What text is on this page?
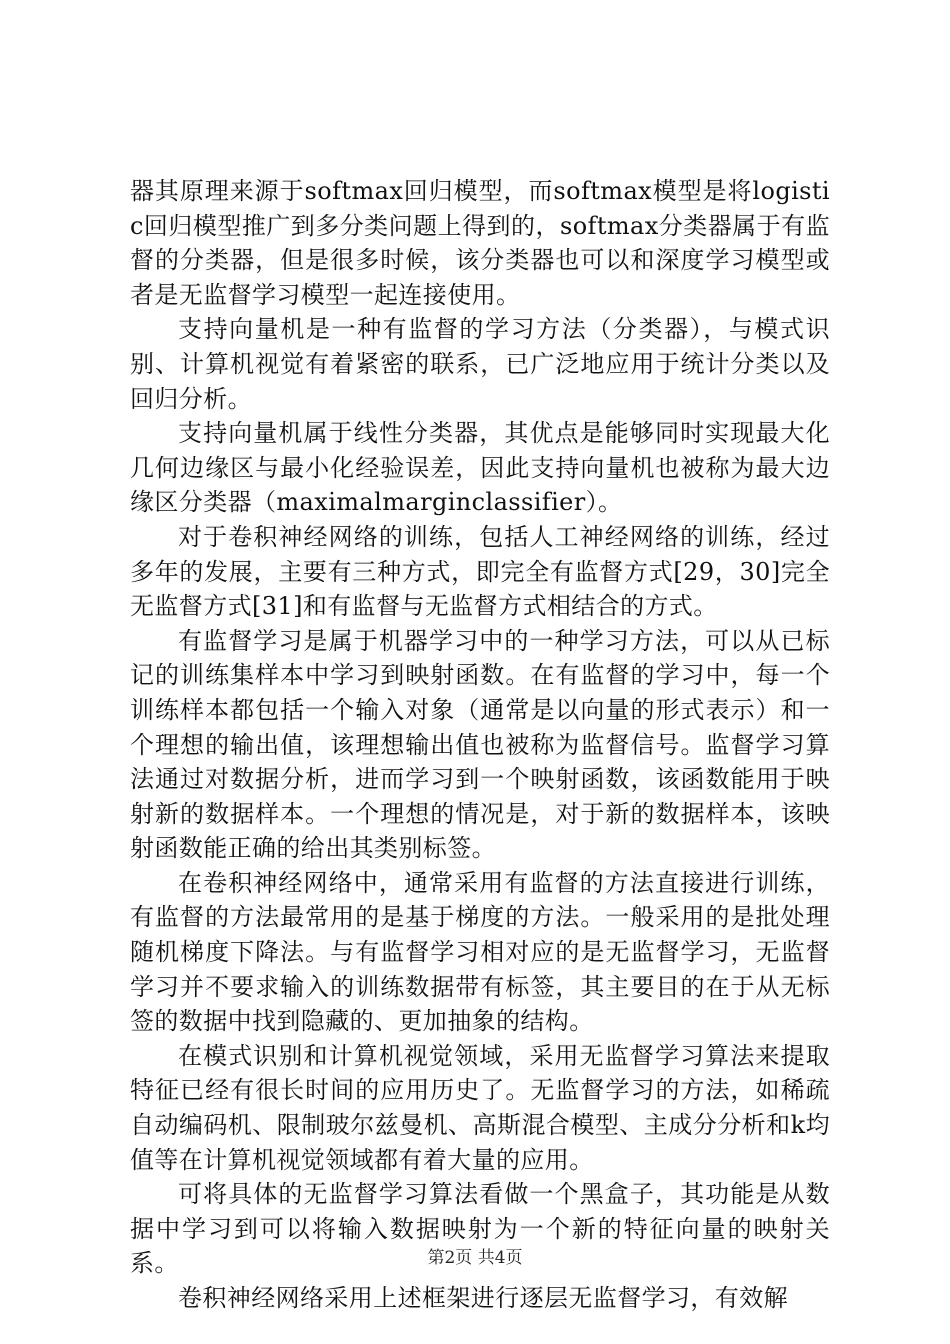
器其原理来源于softmax回归模型，而softmax模型是将logistic回归模型推广到多分类问题上得到的，softmax分类器属于有监督的分类器，但是很多时候，该分类器也可以和深度学习模型或者是无监督学习模型一起连接使用。

支持向量机是一种有监督的学习方法（分类器），与模式识别、计算机视觉有着紧密的联系，已广泛地应用于统计分类以及回归分析。

支持向量机属于线性分类器，其优点是能够同时实现最大化几何边缘区与最小化经验误差，因此支持向量机也被称为最大边缘区分类器（maximalmarginclassifier）。

对于卷积神经网络的训练，包括人工神经网络的训练，经过多年的发展，主要有三种方式，即完全有监督方式[29，30]完全无监督方式[31]和有监督与无监督方式相结合的方式。

有监督学习是属于机器学习中的一种学习方法，可以从已标记的训练集样本中学习到映射函数。在有监督的学习中，每一个训练样本都包括一个输入对象（通常是以向量的形式表示）和一个理想的输出值，该理想输出值也被称为监督信号。监督学习算法通过对数据分析，进而学习到一个映射函数，该函数能用于映射新的数据样本。一个理想的情况是，对于新的数据样本，该映射函数能正确的给出其类别标签。

在卷积神经网络中，通常采用有监督的方法直接进行训练，有监督的方法最常用的是基于梯度的方法。一般采用的是批处理随机梯度下降法。与有监督学习相对应的是无监督学习，无监督学习并不要求输入的训练数据带有标签，其主要目的在于从无标签的数据中找到隐藏的、更加抽象的结构。

在模式识别和计算机视觉领域，采用无监督学习算法来提取特征已经有很长时间的应用历史了。无监督学习的方法，如稀疏自动编码机、限制玻尔兹曼机、高斯混合模型、主成分分析和k均值等在计算机视觉领域都有着大量的应用。

可将具体的无监督学习算法看做一个黑盒子，其功能是从数据中学习到可以将输入数据映射为一个新的特征向量的映射关系。

卷积神经网络采用上述框架进行逐层无监督学习，有效解

第2页 共4页
